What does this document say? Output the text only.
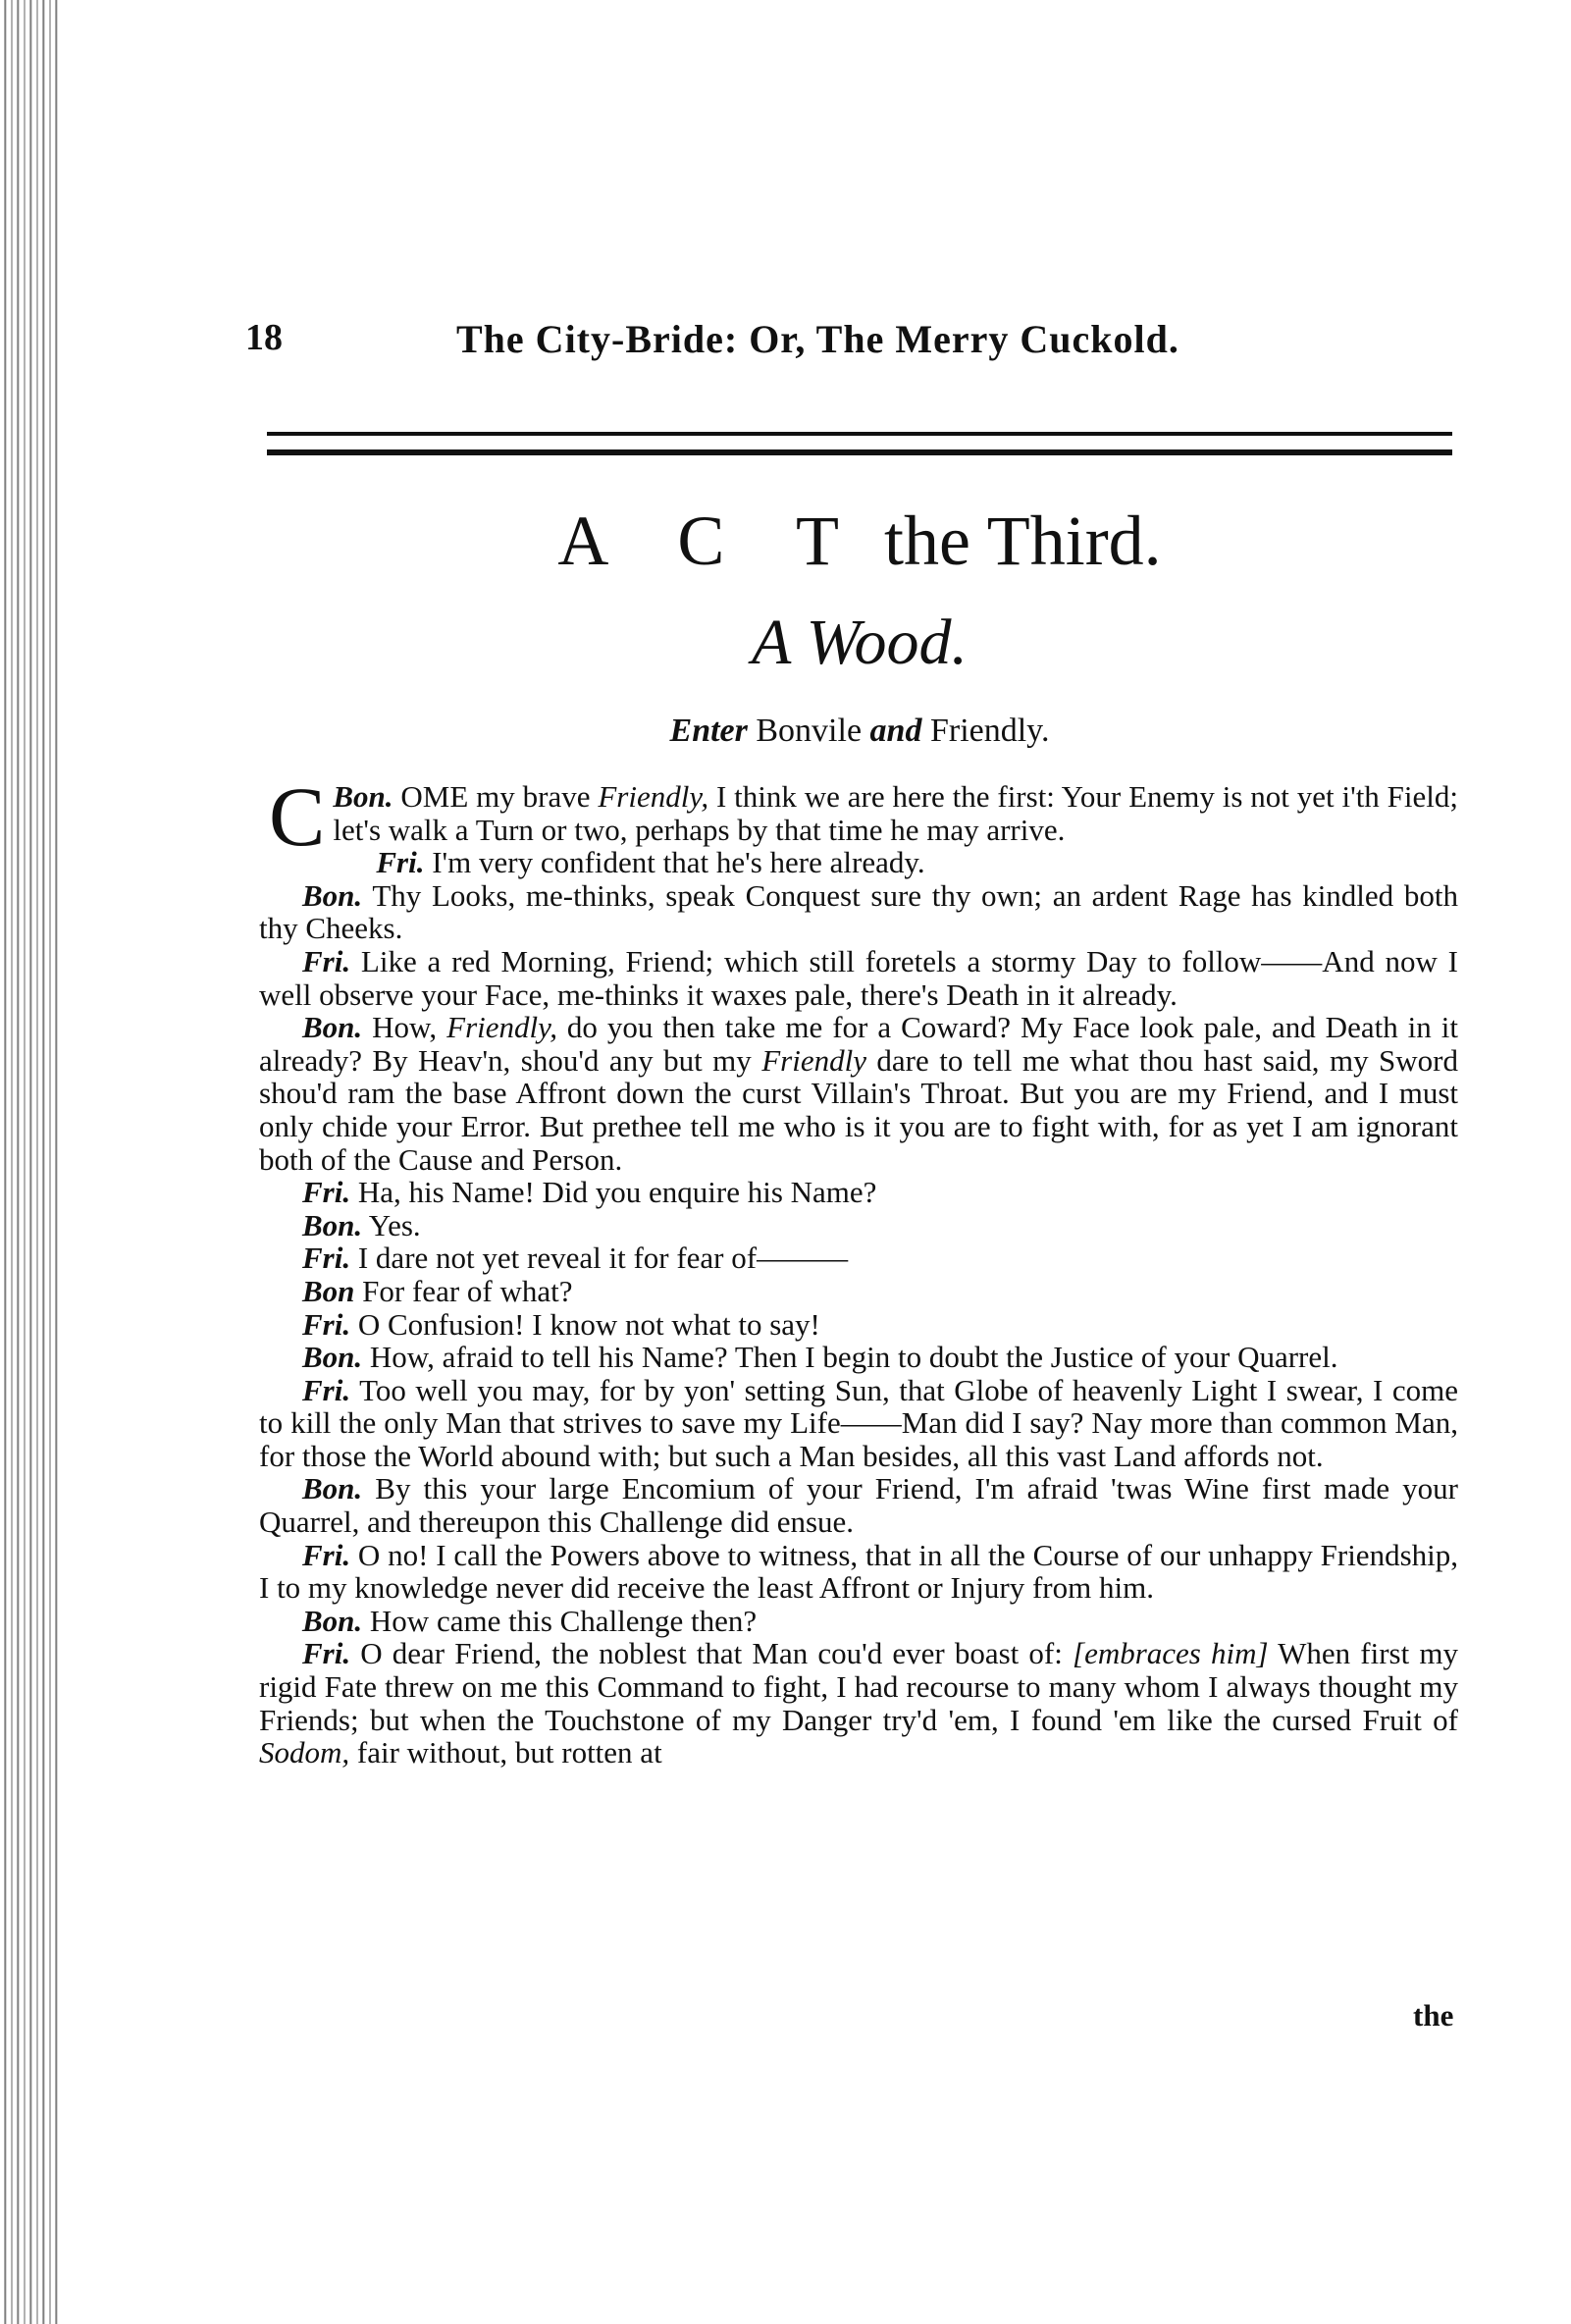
18	The City-Bride: Or, The Merry Cuckold.
A C T the Third.
A Wood.
Enter Bonvile and Friendly.

Bon.
C OME my brave Friendly, I think we are here the first: Your Enemy is not yet i'th Field; let's walk a Turn or two, perhaps by that time he may arrive.

Fri. I'm very confident that he's here already.

Bon. Thy Looks, me-thinks, speak Conquest sure thy own; an ardent Rage has kindled both thy Cheeks.

Fri. Like a red Morning, Friend; which still foretels a stormy Day to follow——And now I well observe your Face, me-thinks it waxes pale, there's Death in it already.

Bon. How, Friendly, do you then take me for a Coward? My Face look pale, and Death in it already? By Heav'n, shou'd any but my Friendly dare to tell me what thou hast said, my Sword shou'd ram the base Affront down the curst Villain's Throat. But you are my Friend, and I must only chide your Error. But prethee tell me who is it you are to fight with, for as yet I am ignorant both of the Cause and Person.

Fri. Ha, his Name! Did you enquire his Name?

Bon. Yes.

Fri. I dare not yet reveal it for fear of———

Bon For fear of what?

Fri. O Confusion! I know not what to say!

Bon. How, afraid to tell his Name? Then I begin to doubt the Justice of your Quarrel.

Fri. Too well you may, for by yon' setting Sun, that Globe of heavenly Light I swear, I come to kill the only Man that strives to save my Life——Man did I say? Nay more than common Man, for those the World abound with; but such a Man besides, all this vast Land affords not.

Bon. By this your large Encomium of your Friend, I'm afraid 'twas Wine first made your Quarrel, and thereupon this Challenge did ensue.

Fri. O no! I call the Powers above to witness, that in all the Course of our unhappy Friendship, I to my knowledge never did receive the least Affront or Injury from him.

Bon. How came this Challenge then?

Fri. O dear Friend, the noblest that Man cou'd ever boast of: [embraces him] When first my rigid Fate threw on me this Command to fight, I had recourse to many whom I always thought my Friends; but when the Touchstone of my Danger try'd 'em, I found 'em like the cursed Fruit of Sodom, fair without, but rotten at

the
